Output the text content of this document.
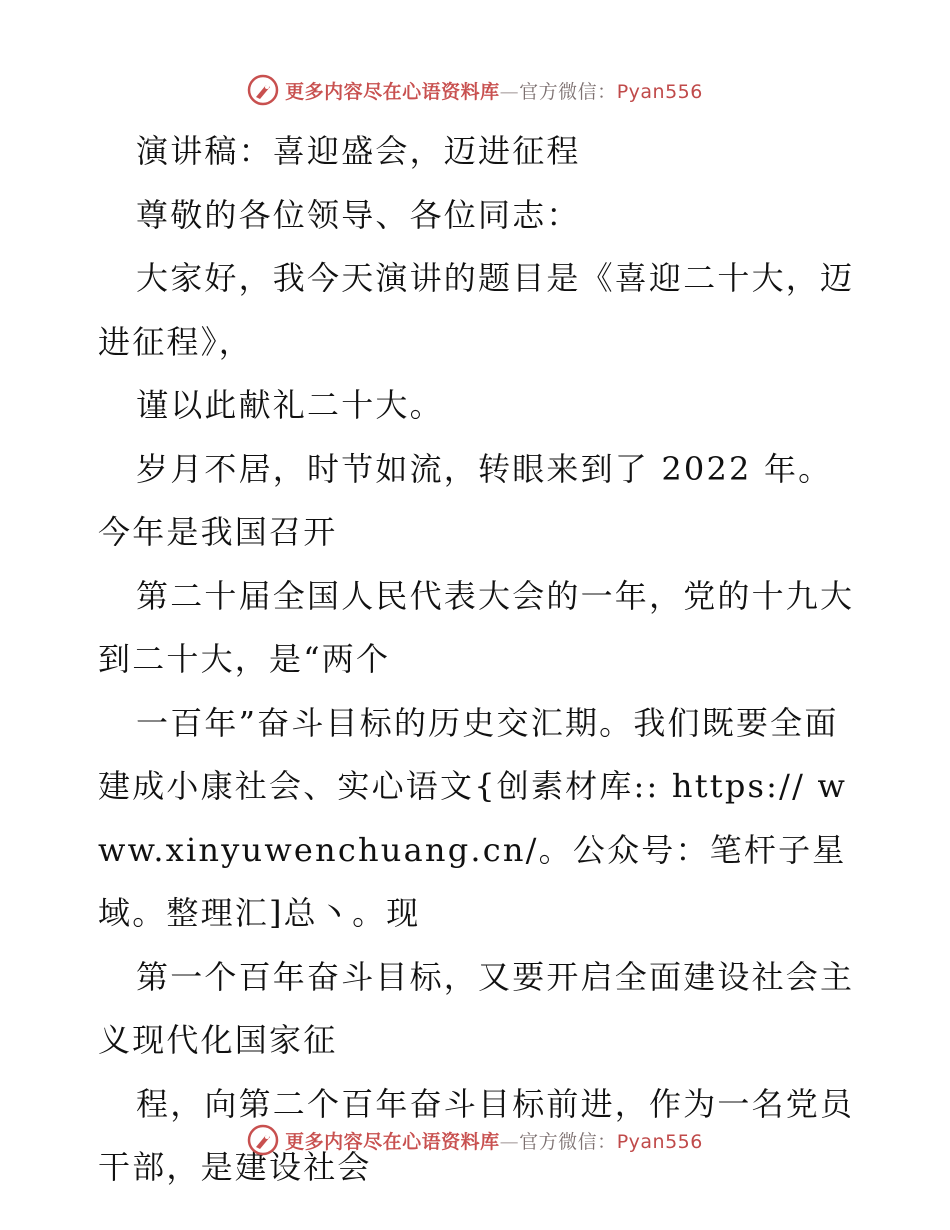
更多内容尽在心语资料库—官方微信：Pyan556

演讲稿：喜迎盛会，迈进征程

尊敬的各位领导、各位同志：

大家好，我今天演讲的题目是《喜迎二十大，迈进征程》，

谨以此献礼二十大。

岁月不居，时节如流，转眼来到了 2022 年。今年是我国召开

第二十届全国人民代表大会的一年，党的十九大到二十大，是“两个

一百年”奋斗目标的历史交汇期。我们既要全面建成小康社会、实心语文{创素材库:: https:// www.xinyuwenchuang.cn/。公众号：笔杆子星域。整理汇]总丶。现

第一个百年奋斗目标，又要开启全面建设社会主义现代化国家征

程，向第二个百年奋斗目标前进，作为一名党员干部，是建设社会

更多内容尽在心语资料库—官方微信：Pyan556
